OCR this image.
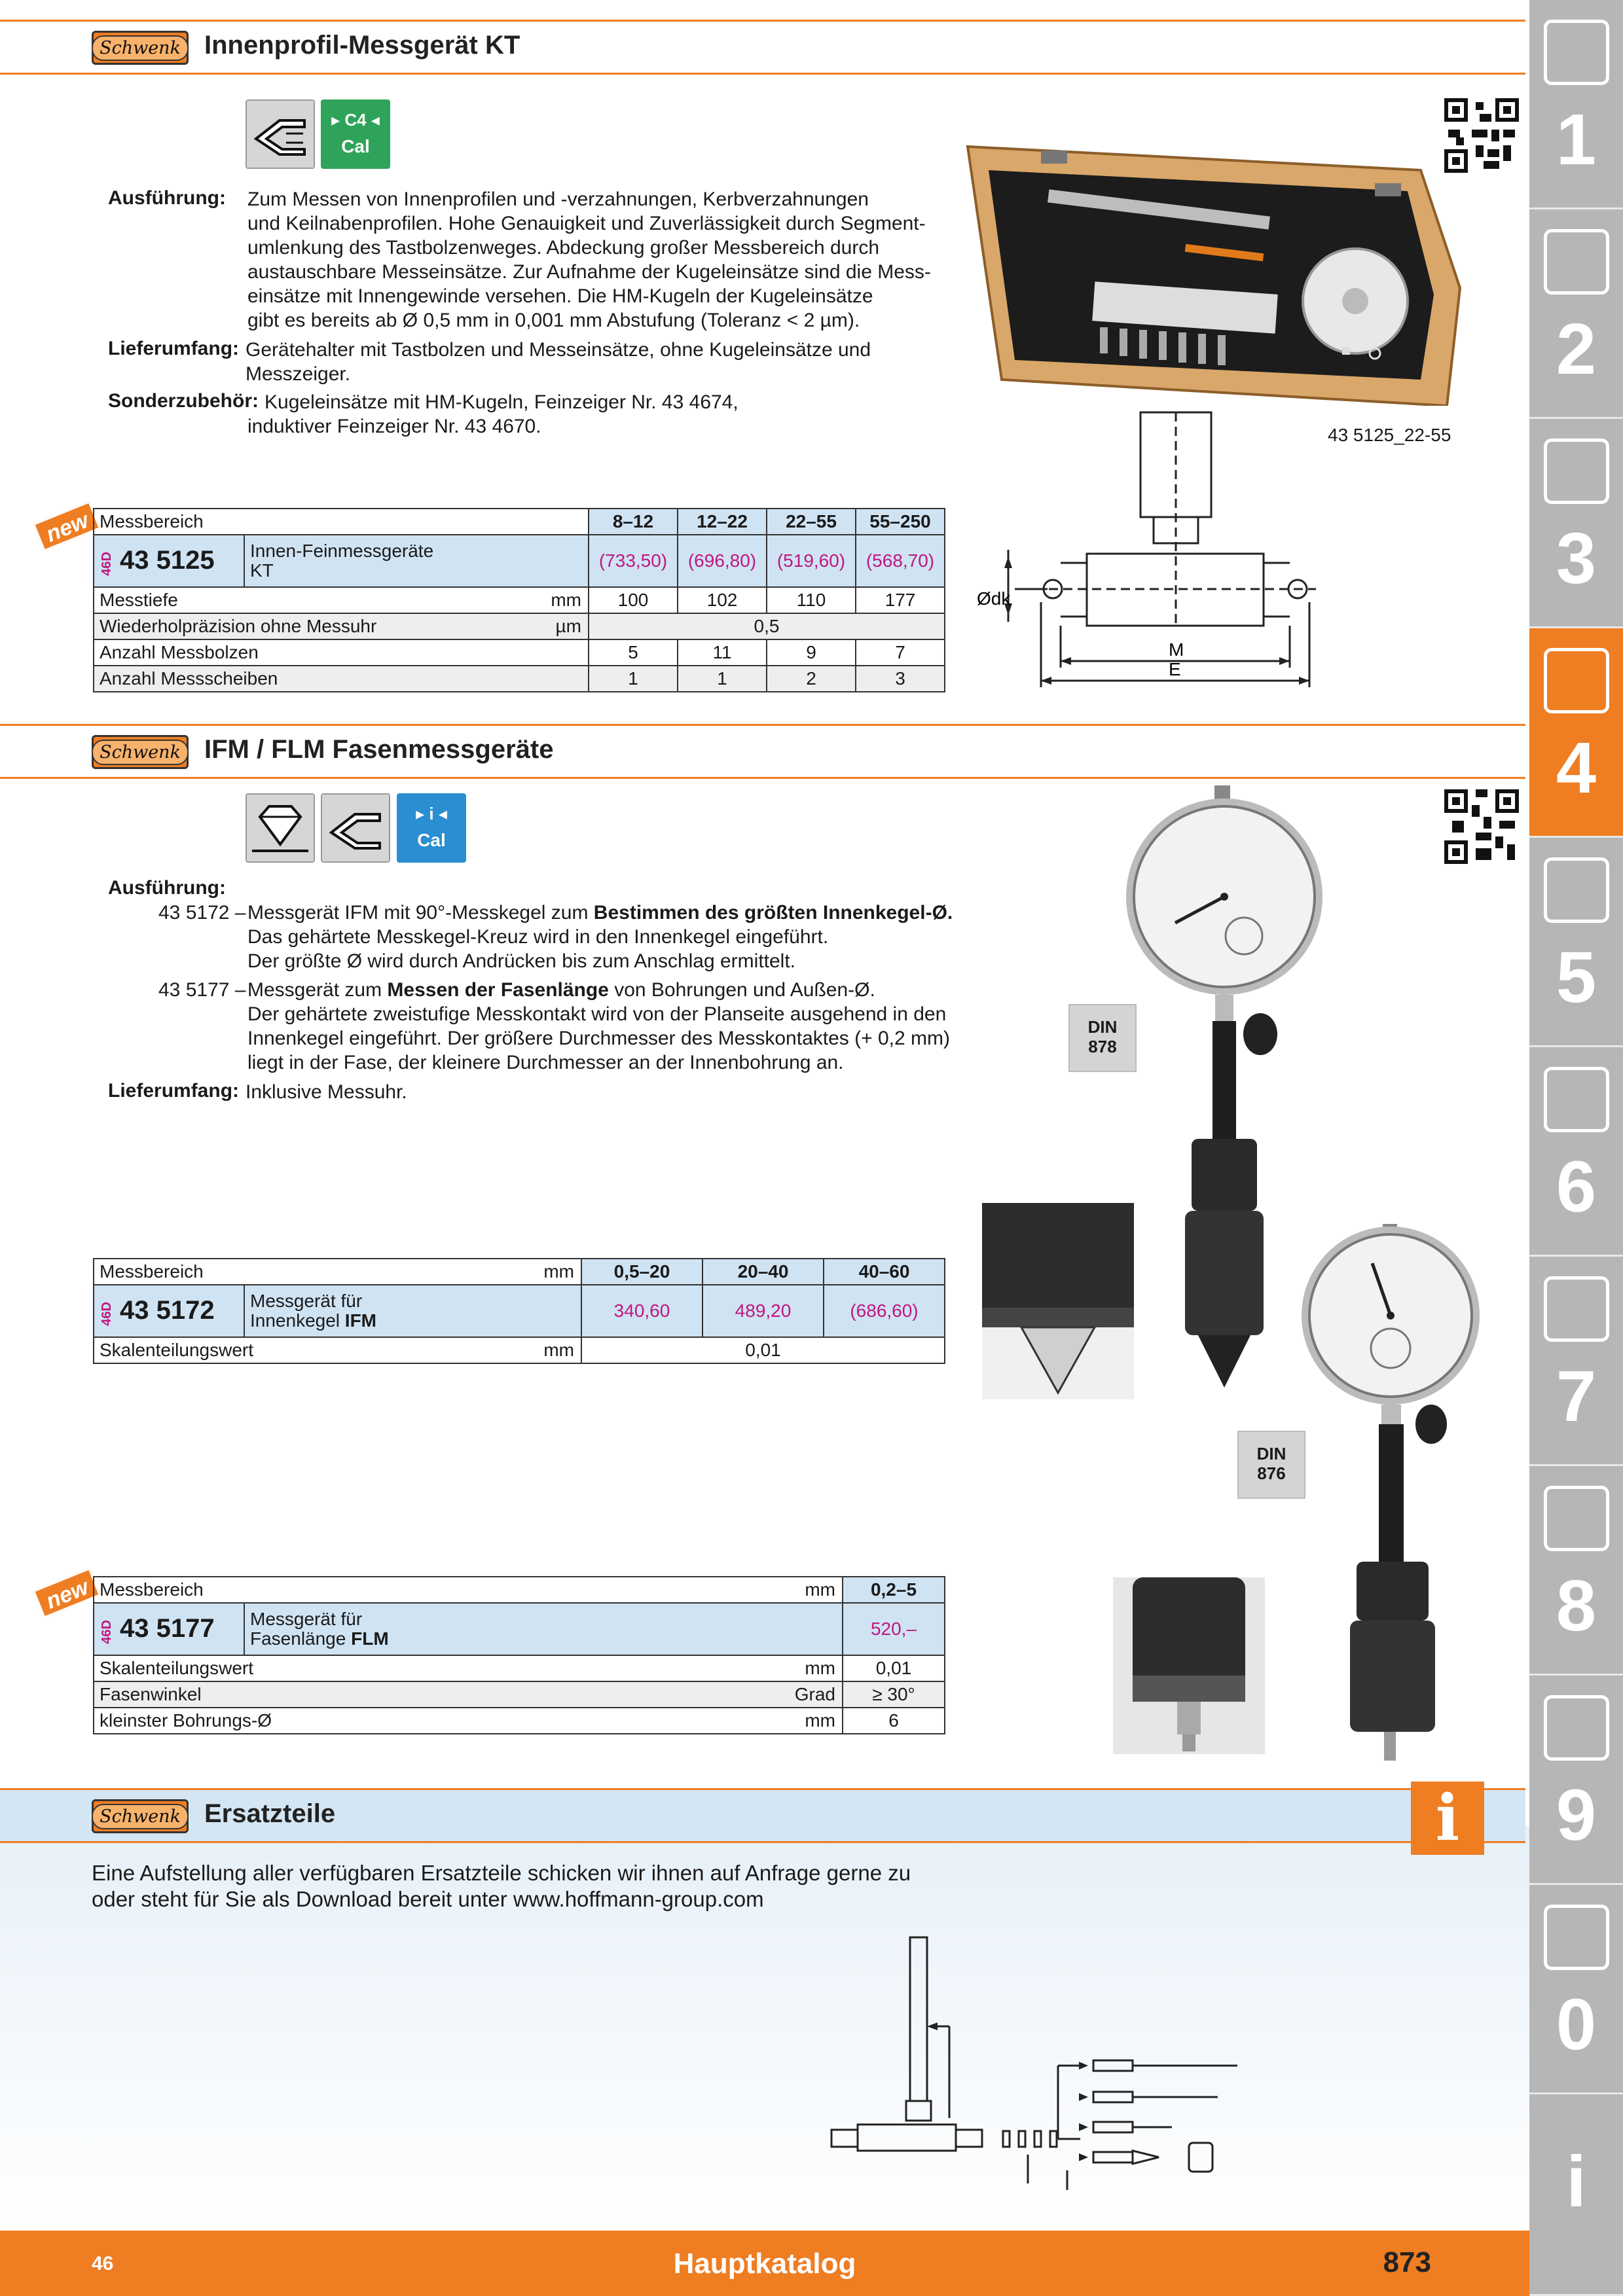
Schwenk Innenprofil-Messgerät KT
▸ C4 ◂
Cal
Ausführung: Zum Messen von Innenprofilen und -verzahnungen, Kerbverzahnungen
und Keilnabenprofilen. Hohe Genauigkeit und Zuverlässigkeit durch Segment-
umlenkung des Tastbolzenweges. Abdeckung großer Messbereich durch
austauschbare Messeinsätze. Zur Aufnahme der Kugeleinsätze sind die Mess-
einsätze mit Innengewinde versehen. Die HM-Kugeln der Kugeleinsätze
gibt es bereits ab Ø 0,5 mm in 0,001 mm Abstufung (Toleranz < 2 µm).
Lieferumfang: Gerätehalter mit Tastbolzen und Messeinsätze, ohne Kugeleinsätze und
Messzeiger.
Sonderzubehör: Kugeleinsätze mit HM-Kugeln, Feinzeiger Nr. 43 4674,
induktiver Feinzeiger Nr. 43 4670.	43 5125_22-55
Ødk
M
E
new Messbereich		8–12	12–22	22–55	55–250
46D 43 5125	Innen-Feinmessgeräte
KT	(733,50)	(696,80)	(519,60)	(568,70)
Messtiefe mm		100	102	110	177
Wiederholpräzision ohne Messuhr µm		0,5			
Anzahl Messbolzen		5	11	9	7
Anzahl Messscheiben		1	1	2	3
Schwenk IFM / FLM Fasenmessgeräte
▸ i ◂
Cal
Ausführung:
43 5172 – Messgerät IFM mit 90°-Messkegel zum Bestimmen des größten Innenkegel-Ø.
Das gehärtete Messkegel-Kreuz wird in den Innenkegel eingeführt.
Der größte Ø wird durch Andrücken bis zum Anschlag ermittelt.
43 5177 – Messgerät zum Messen der Fasenlänge von Bohrungen und Außen-Ø.
Der gehärtete zweistufige Messkontakt wird von der Planseite ausgehend in den
Innenkegel eingeführt. Der größere Durchmesser des Messkontaktes (+ 0,2 mm)
liegt in der Fase, der kleinere Durchmesser an der Innenbohrung an.
Lieferumfang: Inklusive Messuhr.
DIN
878
DIN
876
Messbereich mm		0,5–20	20–40	40–60
46D 43 5172	Messgerät für
Innenkegel IFM	340,60	489,20	(686,60)
Skalenteilungswert mm		0,01		
new Messbereich mm		0,2–5
46D 43 5177	Messgerät für
Fasenlänge FLM	520,–
Skalenteilungswert mm		0,01
Fasenwinkel Grad		≥ 30°
kleinster Bohrungs-Ø mm		6
Schwenk Ersatzteile	i
Eine Aufstellung aller verfügbaren Ersatzteile schicken wir ihnen auf Anfrage gerne zu
oder steht für Sie als Download bereit unter www.hoffmann-group.com
1
2
3
4
5
6
7
8
9
0
i
46	Hauptkatalog	873
